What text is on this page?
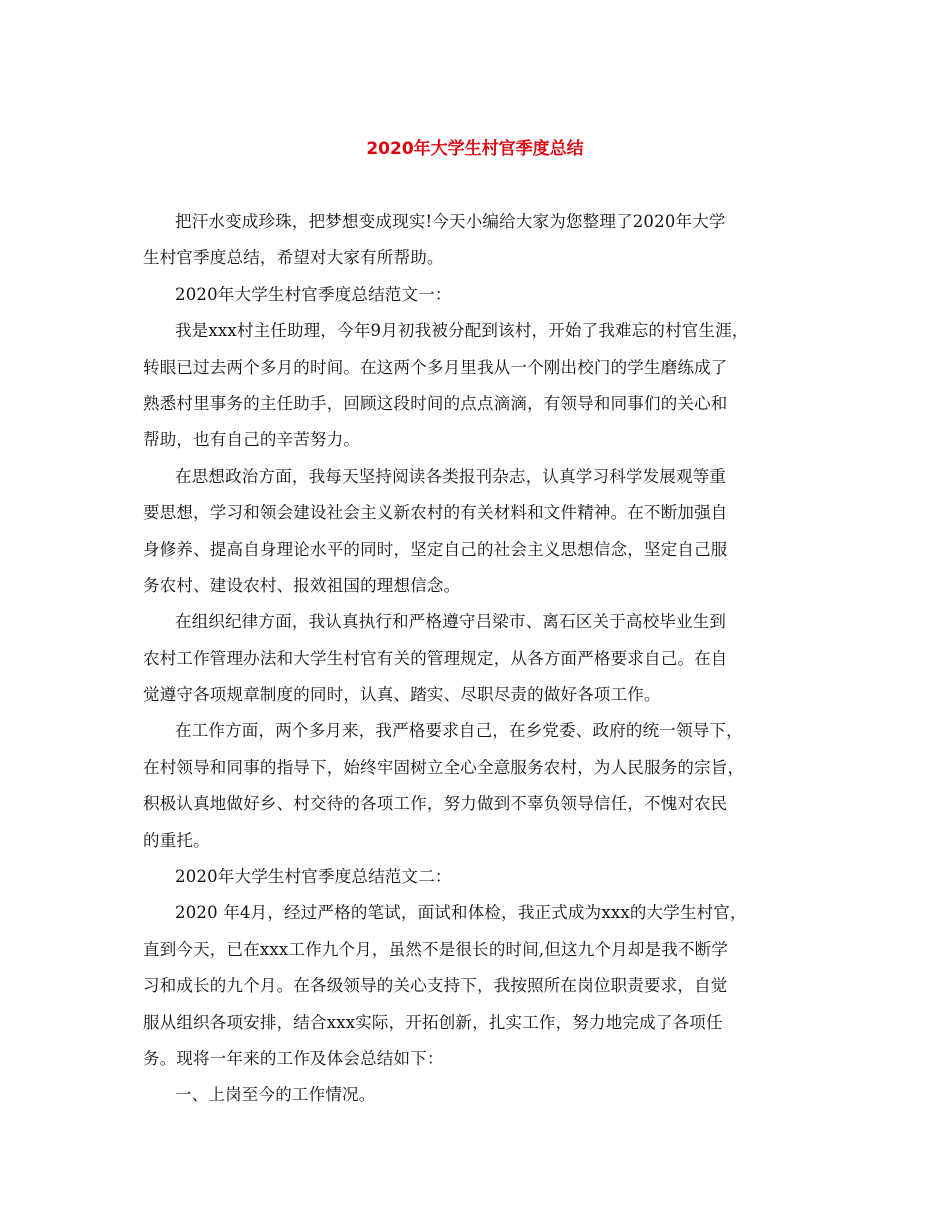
2020年大学生村官季度总结
把汗水变成珍珠，把梦想变成现实!今天小编给大家为您整理了2020年大学
生村官季度总结，希望对大家有所帮助。
2020年大学生村官季度总结范文一：
我是xxx村主任助理，今年9月初我被分配到该村，开始了我难忘的村官生涯，
转眼已过去两个多月的时间。在这两个多月里我从一个刚出校门的学生磨练成了
熟悉村里事务的主任助手，回顾这段时间的点点滴滴，有领导和同事们的关心和
帮助，也有自己的辛苦努力。
在思想政治方面，我每天坚持阅读各类报刊杂志，认真学习科学发展观等重
要思想，学习和领会建设社会主义新农村的有关材料和文件精神。在不断加强自
身修养、提高自身理论水平的同时，坚定自己的社会主义思想信念，坚定自己服
务农村、建设农村、报效祖国的理想信念。
在组织纪律方面，我认真执行和严格遵守吕梁市、离石区关于高校毕业生到
农村工作管理办法和大学生村官有关的管理规定，从各方面严格要求自己。在自
觉遵守各项规章制度的同时，认真、踏实、尽职尽责的做好各项工作。
在工作方面，两个多月来，我严格要求自己，在乡党委、政府的统一领导下，
在村领导和同事的指导下，始终牢固树立全心全意服务农村，为人民服务的宗旨，
积极认真地做好乡、村交待的各项工作，努力做到不辜负领导信任，不愧对农民
的重托。
2020年大学生村官季度总结范文二：
2020 年4月，经过严格的笔试，面试和体检，我正式成为xxx的大学生村官，
直到今天，已在xxx工作九个月，虽然不是很长的时间,但这九个月却是我不断学
习和成长的九个月。在各级领导的关心支持下，我按照所在岗位职责要求，自觉
服从组织各项安排，结合xxx实际，开拓创新，扎实工作，努力地完成了各项任
务。现将一年来的工作及体会总结如下：
一、上岗至今的工作情况。
